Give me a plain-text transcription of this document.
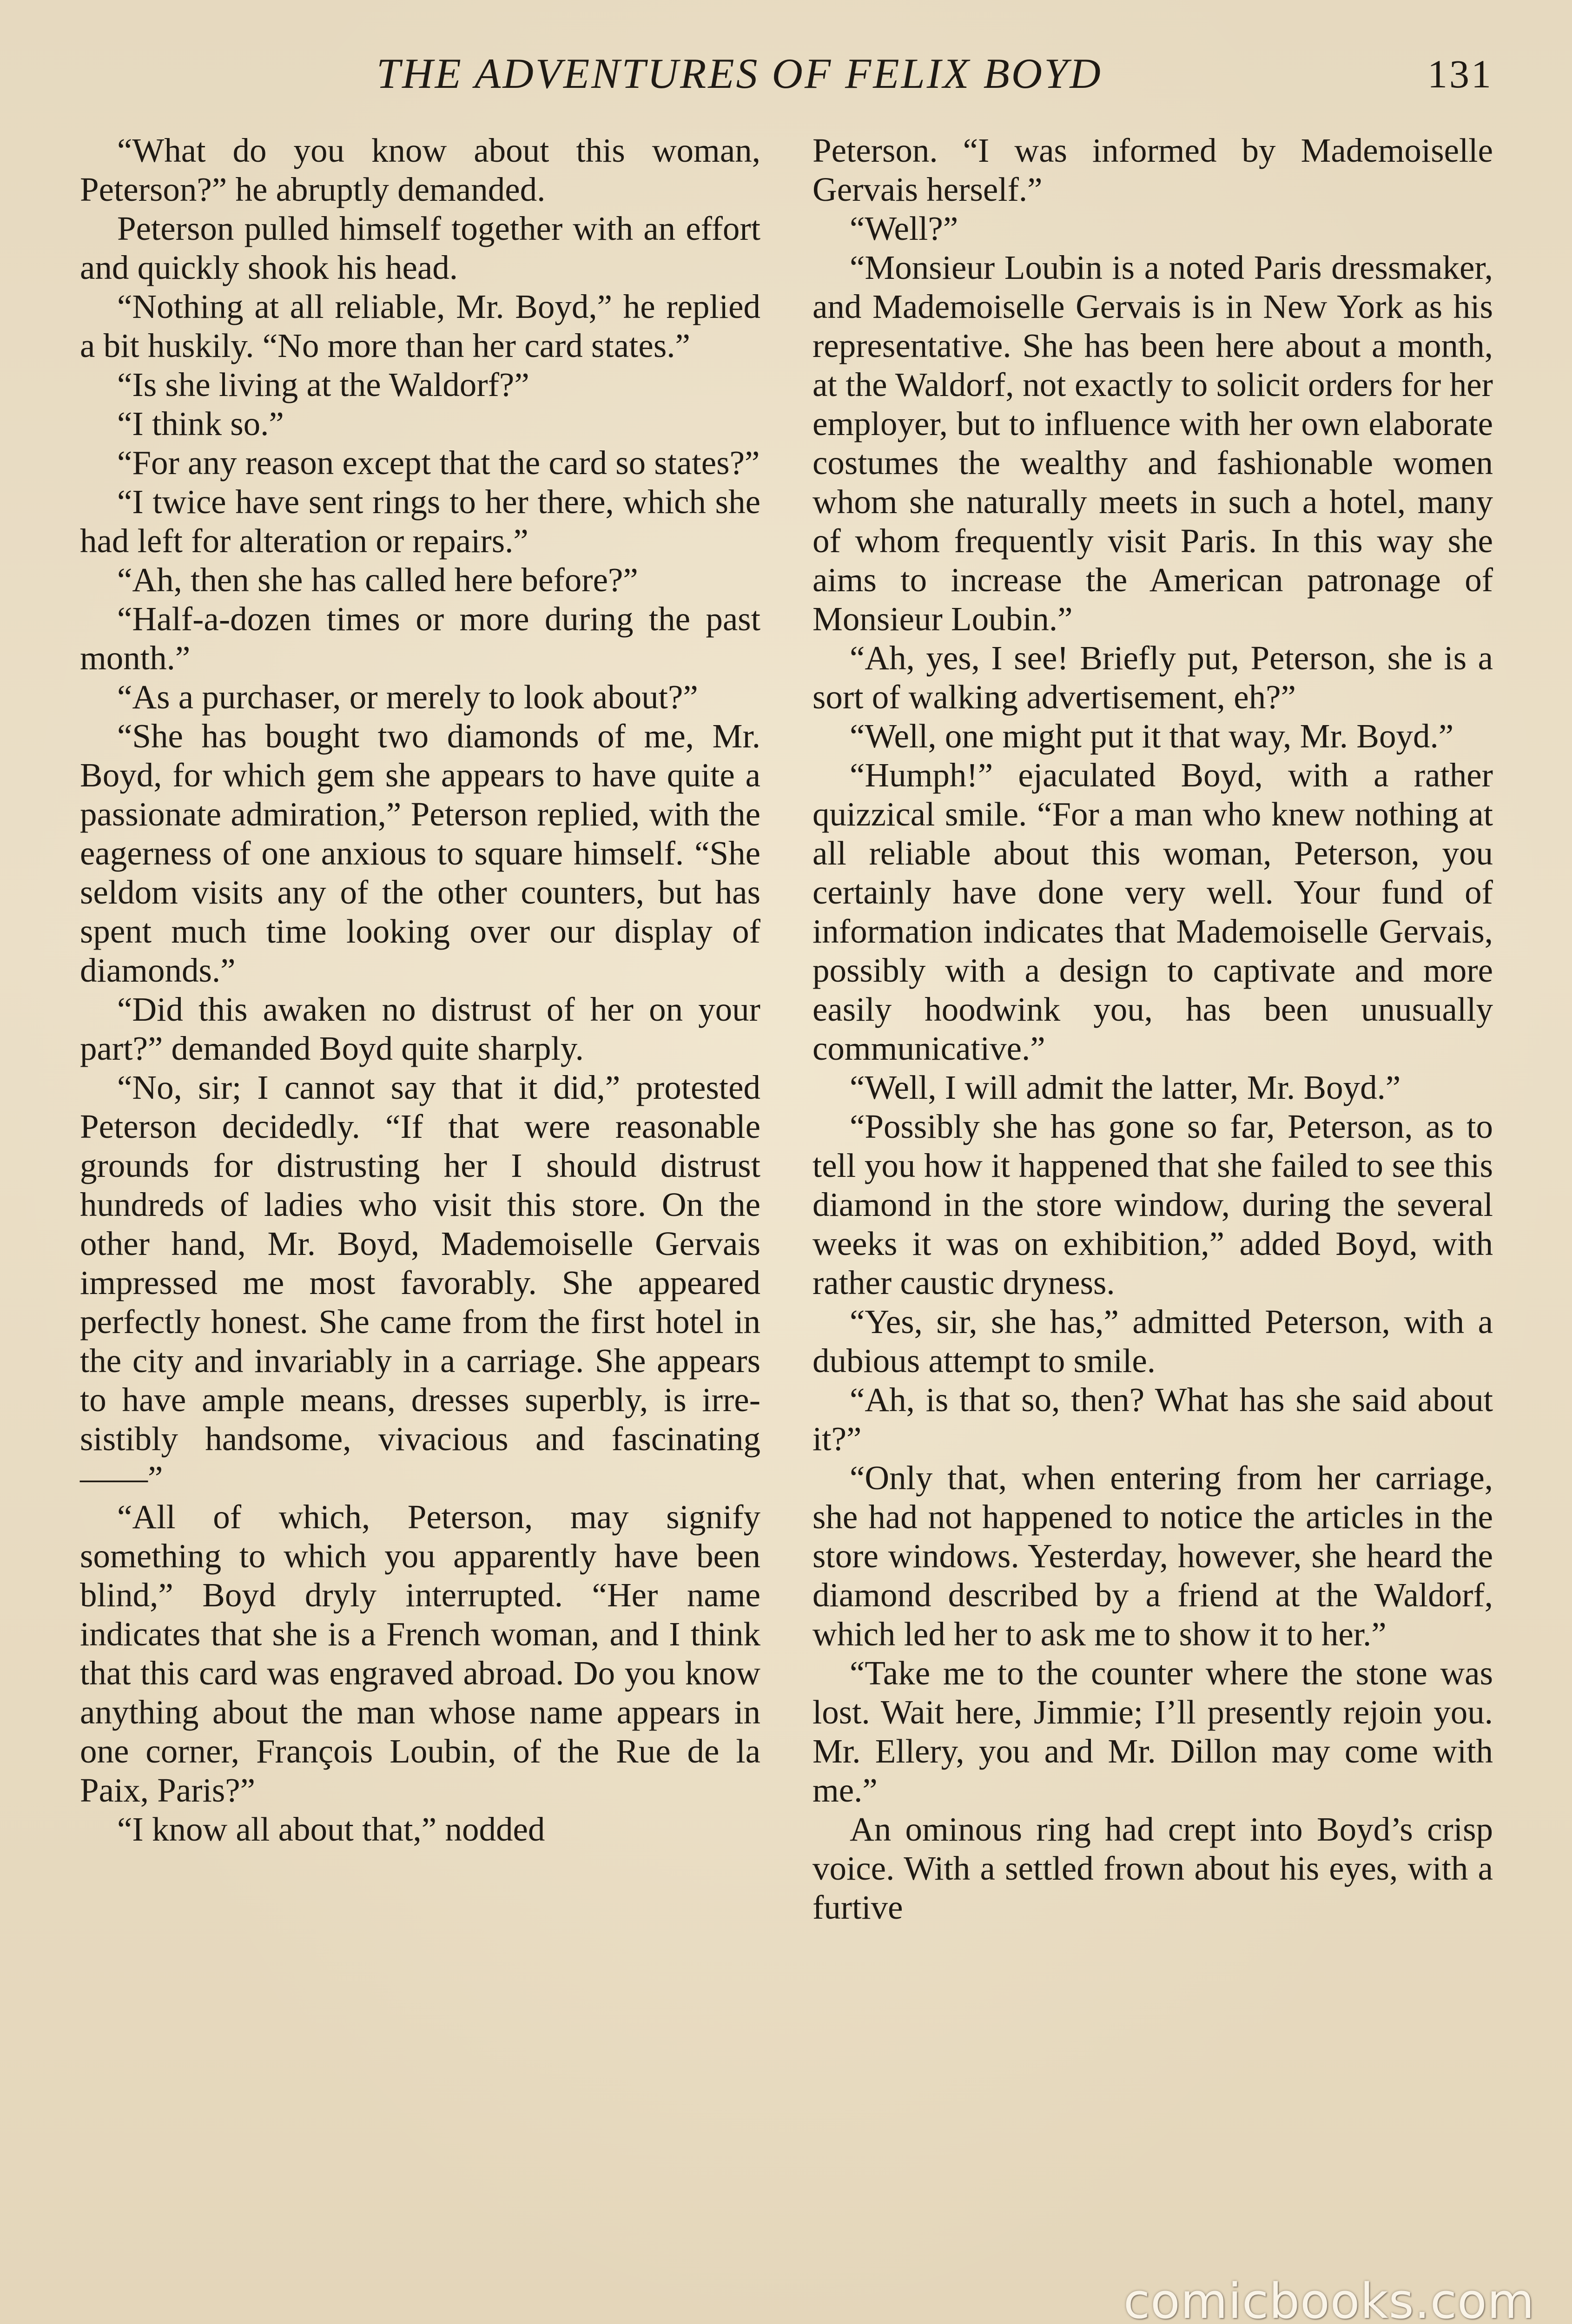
THE ADVENTURES OF FELIX BOYD	131

“What do you know about this woman, Peterson?” he abruptly demanded.

Peterson pulled himself together with an effort and quickly shook his head.

“Nothing at all reliable, Mr. Boyd,” he replied a bit huskily. “No more than her card states.”

“Is she living at the Waldorf?”

“I think so.”

“For any reason except that the card so states?”

“I twice have sent rings to her there, which she had left for alteration or repairs.”

“Ah, then she has called here before?”

“Half-a-dozen times or more during the past month.”

“As a purchaser, or merely to look about?”

“She has bought two diamonds of me, Mr. Boyd, for which gem she appears to have quite a passionate admiration,” Peterson replied, with the eagerness of one anxious to square himself. “She seldom visits any of the other counters, but has spent much time looking over our display of diamonds.”

“Did this awaken no distrust of her on your part?” demanded Boyd quite sharply.

“No, sir; I cannot say that it did,” protested Peterson decidedly. “If that were reasonable grounds for distrusting her I should distrust hundreds of ladies who visit this store. On the other hand, Mr. Boyd, Mademoiselle Gervais impressed me most favorably. She appeared perfectly honest. She came from the first hotel in the city and invariably in a carriage. She appears to have ample means, dresses superbly, is irresistibly handsome, vivacious and fascinating——”

“All of which, Peterson, may signify something to which you apparently have been blind,” Boyd dryly interrupted. “Her name indicates that she is a French woman, and I think that this card was engraved abroad. Do you know anything about the man whose name appears in one corner, François Loubin, of the Rue de la Paix, Paris?”

“I know all about that,” nodded

Peterson. “I was informed by Mademoiselle Gervais herself.”

“Well?”

“Monsieur Loubin is a noted Paris dressmaker, and Mademoiselle Gervais is in New York as his representative. She has been here about a month, at the Waldorf, not exactly to solicit orders for her employer, but to influence with her own elaborate costumes the wealthy and fashionable women whom she naturally meets in such a hotel, many of whom frequently visit Paris. In this way she aims to increase the American patronage of Monsieur Loubin.”

“Ah, yes, I see! Briefly put, Peterson, she is a sort of walking advertisement, eh?”

“Well, one might put it that way, Mr. Boyd.”

“Humph!” ejaculated Boyd, with a rather quizzical smile. “For a man who knew nothing at all reliable about this woman, Peterson, you certainly have done very well. Your fund of information indicates that Mademoiselle Gervais, possibly with a design to captivate and more easily hoodwink you, has been unusually communicative.”

“Well, I will admit the latter, Mr. Boyd.”

“Possibly she has gone so far, Peterson, as to tell you how it happened that she failed to see this diamond in the store window, during the several weeks it was on exhibition,” added Boyd, with rather caustic dryness.

“Yes, sir, she has,” admitted Peterson, with a dubious attempt to smile.

“Ah, is that so, then? What has she said about it?”

“Only that, when entering from her carriage, she had not happened to notice the articles in the store windows. Yesterday, however, she heard the diamond described by a friend at the Waldorf, which led her to ask me to show it to her.”

“Take me to the counter where the stone was lost. Wait here, Jimmie; I’ll presently rejoin you. Mr. Ellery, you and Mr. Dillon may come with me.”

An ominous ring had crept into Boyd’s crisp voice. With a settled frown about his eyes, with a furtive

comicbooks.com
